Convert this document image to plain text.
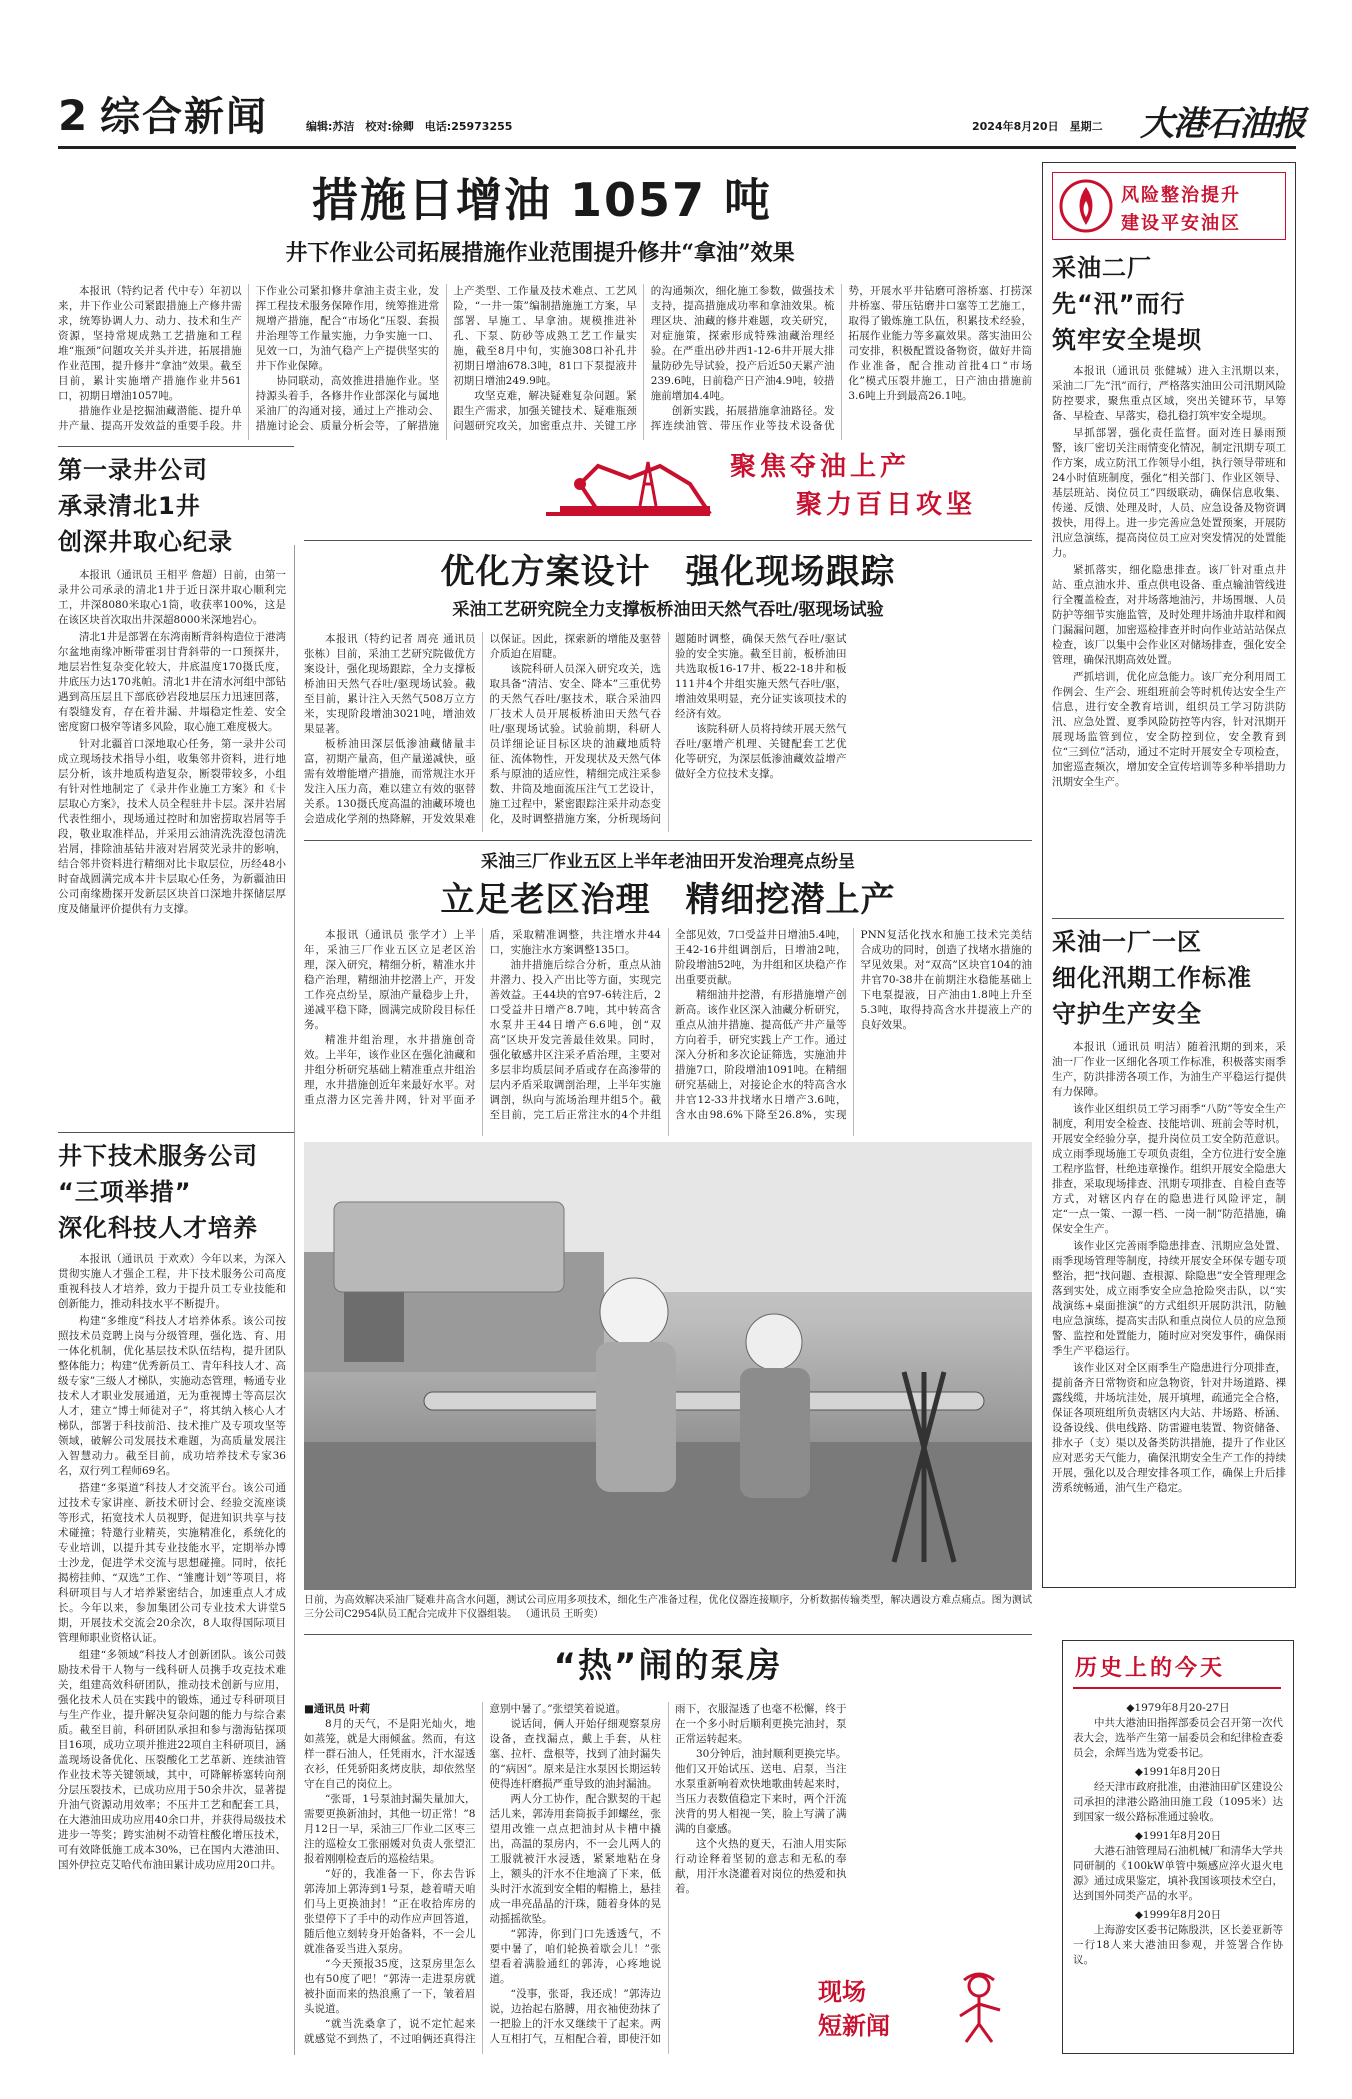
2 综合新闻	编辑:苏洁　校对:徐卿　电话:25973255	2024年8月20日　星期二 大港石油报
措施日增油 1057 吨
井下作业公司拓展措施作业范围提升修井“拿油”效果

本报讯（特约记者 代中专）年初以来，井下作业公司紧跟措施上产修井需求，统筹协调人力、动力、技术和生产资源，坚持常规成熟工艺措施和工程堆“瓶颈”问题攻关并头并进，拓展措施作业范围，提升修井“拿油”效果。截至目前，累计实施增产措施作业井561口，初期日增油1057吨。

措施作业是挖掘油藏潜能、提升单井产量、提高开发效益的重要手段。井下作业公司紧扣修井拿油主责主业，发挥工程技术服务保障作用，统筹推进常规增产措施，配合“市场化”压裂、套损井治理等工作量实施，力争实施一口、见效一口，为油气稳产上产提供坚实的井下作业保障。

协同联动，高效推进措施作业。坚持源头着手，各修井作业部深化与属地采油厂的沟通对接，通过上产推动会、措施讨论会、质量分析会等，了解措施上产类型、工作量及技术难点、工艺风险，“一井一策”编制措施施工方案，早部署、早施工、早拿油。规模推进补孔、下泵、防砂等成熟工艺工作量实施，截至8月中旬，实施308口补孔井初期日增油678.3吨，81口下泵提液井初期日增油249.9吨。

攻坚克难，解决疑难复杂问题。紧跟生产需求，加强关键技术、疑难瓶颈问题研究攻关，加密重点井、关键工序的沟通频次，细化施工参数，做强技术支持，提高措施成功率和拿油效果。梳理区块、油藏的修井难题，攻关研究，对症施策，探索形成特殊油藏治理经验。在严重出砂井西1-12-6井开展大排量防砂先导试验，投产后近50天累产油239.6吨，日前稳产日产油4.9吨，较措施前增加4.4吨。

创新实践，拓展措施拿油路径。发挥连续油管、带压作业等技术设备优势，开展水平井钻磨可溶桥塞、打捞深井桥塞、带压钻磨井口塞等工艺施工，取得了锻炼施工队伍，积累技术经验，拓展作业能力等多赢效果。落实油田公司安排，积极配置设备物资，做好井筒作业准备，配合推动首批4口“市场化”模式压裂井施工，日产油由措施前3.6吨上升到最高26.1吨。

聚焦夺油上产
聚力百日攻坚
优化方案设计　强化现场跟踪
采油工艺研究院全力支撑板桥油田天然气吞吐/驱现场试验

本报讯（特约记者 周亮 通讯员 张栋）目前，采油工艺研究院做优方案设计，强化现场跟踪，全力支撑板桥油田天然气吞吐/驱现场试验。截至目前，累计注入天然气508万立方米，实现阶段增油3021吨，增油效果显著。

板桥油田深层低渗油藏储量丰富，初期产量高，但产量递减快，亟需有效增能增产措施，而常规注水开发注入压力高，难以建立有效的驱替关系。130摄氏度高温的油藏环境也会造成化学剂的热降解，开发效果难以保证。因此，探索新的增能及驱替介质迫在眉睫。

该院科研人员深入研究攻关，选取具备“清洁、安全、降本”三重优势的天然气吞吐/驱技术，联合采油四厂技术人员开展板桥油田天然气吞吐/驱现场试验。试验前期，科研人员详细论证目标区块的油藏地质特征、流体物性，开发现状及天然气体系与原油的适应性，精细完成注采参数、井筒及地面流压注气工艺设计，施工过程中，紧密跟踪注采井动态变化，及时调整措施方案，分析现场问题随时调整，确保天然气吞吐/驱试验的安全实施。截至目前，板桥油田共选取板16-17井、板22-18井和板111井4个井组实施天然气吞吐/驱，增油效果明显，充分证实该项技术的经济有效。

该院科研人员将持续开展天然气吞吐/驱增产机理、关键配套工艺优化等研究，为深层低渗油藏效益增产做好全方位技术支撑。

采油三厂作业五区上半年老油田开发治理亮点纷呈
立足老区治理　精细挖潜上产

本报讯（通讯员 张学才）上半年，采油三厂作业五区立足老区治理，深入研究，精细分析，精准水井稳产治理，精细油井挖潜上产，开发工作亮点纷呈，原油产量稳步上升，递减平稳下降，圆满完成阶段目标任务。

精准井组治理，水井措施创奇效。上半年，该作业区在强化油藏和井组分析研究基础上精准重点井组治理，水井措施创近年来最好水平。对重点潜力区完善井网，针对平面矛盾，采取精准调整，共注增水井44口，实施注水方案调整135口。

油井措施后综合分析，重点从油井潜力、投入产出比等方面，实现完善效益。王44块的官97-6转注后，2口受益井日增产8.7吨，其中转高含水泵井王44日增产6.6吨，创“双高”区块开发完善最佳效果。同时，强化敏感井区注采矛盾治理，主要对多层非均质层间矛盾或存在高渗带的层内矛盾采取调剖治理，上半年实施调剖，纵向与流场治理井组5个。截至目前，完工后正常注水的4个井组全部见效，7口受益井日增油5.4吨，王42-16井组调剖后，日增油2吨，阶段增油52吨，为井组和区块稳产作出重要贡献。

精细油井挖潜，有形措施增产创新高。该作业区深入油藏分析研究，重点从油井措施、提高低产井产量等方向着手，研究实践上产工作。通过深入分析和多次论证筛选，实施油井措施7口，阶段增油1091吨。在精细研究基础上，对接论企水的特高含水井官12-33井找堵水日增产3.6吨，含水由98.6%下降至26.8%，实现PNN复活化找水和施工技术完美结合成功的同时，创造了找堵水措施的罕见效果。对“双高”区块官104的油井官70-38井在前期注水稳能基础上下电泵提液，日产油由1.8吨上升至5.3吨，取得持高含水井提液上产的良好效果。

日前，为高效解决采油厂疑难井高含水问题，测试公司应用多项技术，细化生产准备过程，优化仪器连接顺序，分析数据传输类型，解决遇设方难点痛点。图为测试三分公司C2954队员工配合完成井下仪器组装。 （通讯员 王昕奕）
“热”闹的泵房

■通讯员 叶莉

8月的天气，不是阳光灿火，地如蒸笼，就是大雨倾盆。然而，有这样一群石油人，任凭雨水，汗水湿透衣衫，任凭骄阳炙烤皮肤，却依然坚守在自己的岗位上。

“张哥，1号泵油封漏失量加大，需要更换新油封，其他一切正常！”8月12日一早，采油三厂作业二区枣三注的巡检女工张丽媛对负责人张望汇报着刚刚检查后的巡检结果。

“好的，我准备一下，你去告诉郭涛加上郭涛到1号泵，趁着晴天咱们马上更换油封！”正在收拾库房的张望停下了手中的动作应声回答道，随后他立刻转身开始备料，不一会儿就准备妥当进入泵房。

“今天预报35度，这泵房里怎么也有50度了吧！”郭涛一走进泵房就被扑面而来的热浪熏了一下，皱着眉头说道。

“就当洗桑拿了，说不定忙起来就感觉不到热了，不过咱俩还真得注意别中暑了。”张望笑着说道。

说话间，俩人开始仔细观察泵房设备，查找漏点，戴上手套，从柱塞、拉杆、盘根等，找到了油封漏失的“病因”。原来是注水泵因长期运转使得连杆磨损严重导致的油封漏油。

两人分工协作，配合默契的干起活儿来，郭涛用套筒扳手卸螺丝，张望用改锥一点点把油封从卡槽中撬出，高温的泵房内，不一会儿两人的工服就被汗水浸透，紧紧地粘在身上，额头的汗水不住地滴了下来，低头时汗水流到安全帽的帽檐上，悬挂成一串亮晶晶的汗珠，随着身体的晃动摇摇欲坠。

“郭涛，你到门口先透透气，不要中暑了，咱们轮换着歇会儿！”张望看着满脸通红的郭涛，心疼地说道。

“没事，张哥，我还成！”郭涛边说，边抬起右胳膊，用衣袖使劲抹了一把脸上的汗水又继续干了起来。两人互相打气，互相配合着，即使汗如雨下，衣服湿透了也毫不松懈，终于在一个多小时后顺利更换完油封，泵正常运转起来。

30分钟后，油封顺利更换完毕。他们又开始试压、送电、启泵，当注水泵重新响着欢快地歌曲转起来时，当压力表数值稳定下来时，两个汗流浃背的男人相视一笑，脸上写满了满满的自豪感。

这个火热的夏天，石油人用实际行动诠释着坚韧的意志和无私的奉献，用汗水浇灌着对岗位的热爱和执着。

现场
短新闻
第一录井公司
承录清北1井
创深井取心纪录

本报讯（通讯员 王相平 詹超）日前，由第一录井公司承录的清北1井于近日深井取心顺利完工，井深8080米取心1筒，收获率100%，这是在该区块首次取出井深超8000米深地岩心。

清北1井是部署在东湾南断背斜构造位于港湾尔盆地南缘冲断带霍羽甘背斜带的一口预探井，地层岩性复杂变化较大，井底温度170摄氏度，井底压力达170兆帕。清北1井在清水河组中部钻遇到高压层且下部底砂岩段地层压力迅速回落，有裂缝发育，存在着井漏、井塌稳定性差、安全密度窗口极窄等诸多风险，取心施工难度极大。

针对北疆首口深地取心任务，第一录井公司成立现场技术指导小组，收集邻井资料，进行地层分析，该井地质构造复杂，断裂带较多，小组有针对性地制定了《录井作业施工方案》和《卡层取心方案》，技术人员全程驻井卡层。深井岩屑代表性细小，现场通过控时和加密捞取岩屑等手段，敬业取准样品，并采用云油清洗洗澄包清洗岩屑，排除油基钻井液对岩屑荧光录井的影响，结合邻井资料进行精细对比卡取层位，历经48小时奋战圆满完成本井卡层取心任务，为新疆油田公司南缘勘探开发新层区块首口深地井探储层厚度及储量评价提供有力支撑。

井下技术服务公司
“三项举措”
深化科技人才培养

本报讯（通讯员 于欢欢）今年以来，为深入贯彻实施人才强企工程，井下技术服务公司高度重视科技人才培养，致力于提升员工专业技能和创新能力，推动科技水平不断提升。

构建“多维度”科技人才培养体系。该公司按照技术员竞聘上岗与分级管理，强化选、育、用一体化机制，优化基层技术队伍结构，提升团队整体能力；构建“优秀新员工、青年科技人才、高级专家”三级人才梯队，实施动态管理，畅通专业技术人才职业发展通道，无为重视博士等高层次人才，建立“博士师徒对子”，将其纳入核心人才梯队，部署于科技前沿、技术推广及专项攻坚等领域，破解公司发展技术难题，为高质量发展注入智慧动力。截至目前，成功培养技术专家36名，双行列工程师69名。

搭建“多渠道”科技人才交流平台。该公司通过技术专家讲座、新技术研讨会、经验交流座谈等形式，拓宽技术人员视野，促进知识共享与技术碰撞；特邀行业精英，实施精准化，系统化的专业培训，以提升其专业技能水平，定期举办博士沙龙，促进学术交流与思想碰撞。同时，依托揭榜挂帅、“双选”工作、“雏鹰计划”等项目，将科研项目与人才培养紧密结合，加速重点人才成长。今年以来，参加集团公司专业技术大讲堂5期，开展技术交流会20余次，8人取得国际项目管理师职业资格认证。

组建“多领域”科技人才创新团队。该公司鼓励技术骨干人物与一线科研人员携手攻克技术难关，组建高效科研团队，推动技术创新与应用，强化技术人员在实践中的锻炼，通过专科研项目与生产作业，提升解决复杂问题的能力与综合素质。截至目前，科研团队承担和参与渤海钻探项目16项，成功立项并推进22项自主科研项目，涵盖现场设备优化、压裂酸化工艺革新、连续油管作业技术等关键领域，其中，可降解桥塞转向剂分层压裂技术，已成功应用于50余井次，显著提升油气资源动用效率；不压井工艺和配套工具，在大港油田成功应用40余口井，并获得局级技术进步一等奖；跨实油树不动管柱酸化增压技术，可有效降低施工成本30%，已在国内大港油田、国外伊拉克艾哈代布油田累计成功应用20口井。

风险整治提升
建设平安油区
采油二厂
先“汛”而行
筑牢安全堤坝

本报讯（通讯员 张健城）进入主汛期以来，采油二厂先“汛”而行，严格落实油田公司汛期风险防控要求，聚焦重点区域，突出关键环节，早筹备、早检查、早落实，稳扎稳打筑牢安全堤坝。

早抓部署，强化责任监督。面对连日暴雨预警，该厂密切关注雨情变化情况，制定汛期专项工作方案，成立防汛工作领导小组，执行领导带班和24小时值班制度，强化“相关部门、作业区领导、基层班站、岗位员工”四级联动，确保信息收集、传递、反馈、处理及时，人员、应急设备及物资调拨快，用得上。进一步完善应急处置预案，开展防汛应急演练，提高岗位员工应对突发情况的处置能力。

紧抓落实，细化隐患排查。该厂针对重点井站、重点油水井、重点供电设备、重点输油管线进行全覆盖检查，对井场落地油污，井场围堰、人员防护等细节实施监管，及时处理井场油井取样和阀门漏漏问题，加密巡检排查并时向作业站站站保点检查，该厂以集中会作业区对储场排查，强化安全管理，确保汛期高效处置。

严抓培训，优化应急能力。该厂充分利用周工作例会、生产会、班组班前会等时机传达安全生产信息，进行安全教育培训，组织员工学习防洪防汛、应急处置、夏季风险防控等内容，针对汛期开展现场监管到位，安全防控到位，安全教育到位“三到位”活动，通过不定时开展安全专项检查，加密巡查频次，增加安全宣传培训等多种举措助力汛期安全生产。

采油一厂一区
细化汛期工作标准
守护生产安全

本报讯（通讯员 明洁）随着汛期的到来，采油一厂作业一区细化各项工作标准，积极落实雨季生产，防洪排涝各项工作，为油生产平稳运行提供有力保障。

该作业区组织员工学习雨季“八防”等安全生产制度，利用安全检查、技能培训、班前会等时机，开展安全经验分享，提升岗位员工安全防范意识。成立雨季现场施工专项负责组，全方位进行安全施工程序监督，杜绝违章操作。组织开展安全隐患大排查，采取现场排查、汛期专项排查、自检自查等方式，对辖区内存在的隐患进行风险评定，制定“一点一策、一源一档、一岗一制”防范措施，确保安全生产。

该作业区完善雨季隐患排查、汛期应急处置、雨季现场管理等制度，持续开展安全环保专题专项整治，把“找问题、查根源、除隐患”安全管理理念落到实处，成立雨季安全应急抢险突击队，以“实战演练+桌面推演”的方式组织开展防洪汛，防触电应急演练，提高实击队和重点岗位人员的应急预警、监控和处置能力，随时应对突发事件，确保雨季生产平稳运行。

该作业区对全区雨季生产隐患进行分项排查，提前备齐日常物资和应急物资，针对井场道路、裸露线缆，井场坑洼处，展开填埋，疏通完全合格，保证各项班组所负责辖区内大站、井场路、桥涵、设备设线、供电线路、防雷避电装置、物资储备、排水子（支）渠以及备类防洪措施，提升了作业区应对恶劣天气能力，确保汛期安全生产工作的持续开展，强化以及合理安排各项工作，确保上升后排涝系统畅通，油气生产稳定。

历史上的今天
◆1979年8月20-27日
中共大港油田指挥部委员会召开第一次代表大会，选举产生第一届委员会和纪律检查委员会，余辉当选为党委书记。
◆1991年8月20日
经天津市政府批准，由港油田矿区建设公司承担的津港公路油田施工段（1095米）达到国家一级公路标准通过验收。
◆1991年8月20日
大港石油管理局石油机械厂和清华大学共同研制的《100kW单管中频感应淬火退火电源》通过成果鉴定，填补我国该项技术空白，达到国外同类产品的水平。
◆1999年8月20日
上海游安区委书记陈殷洪，区长姜亚新等一行18人来大港油田参观，并签署合作协议。
